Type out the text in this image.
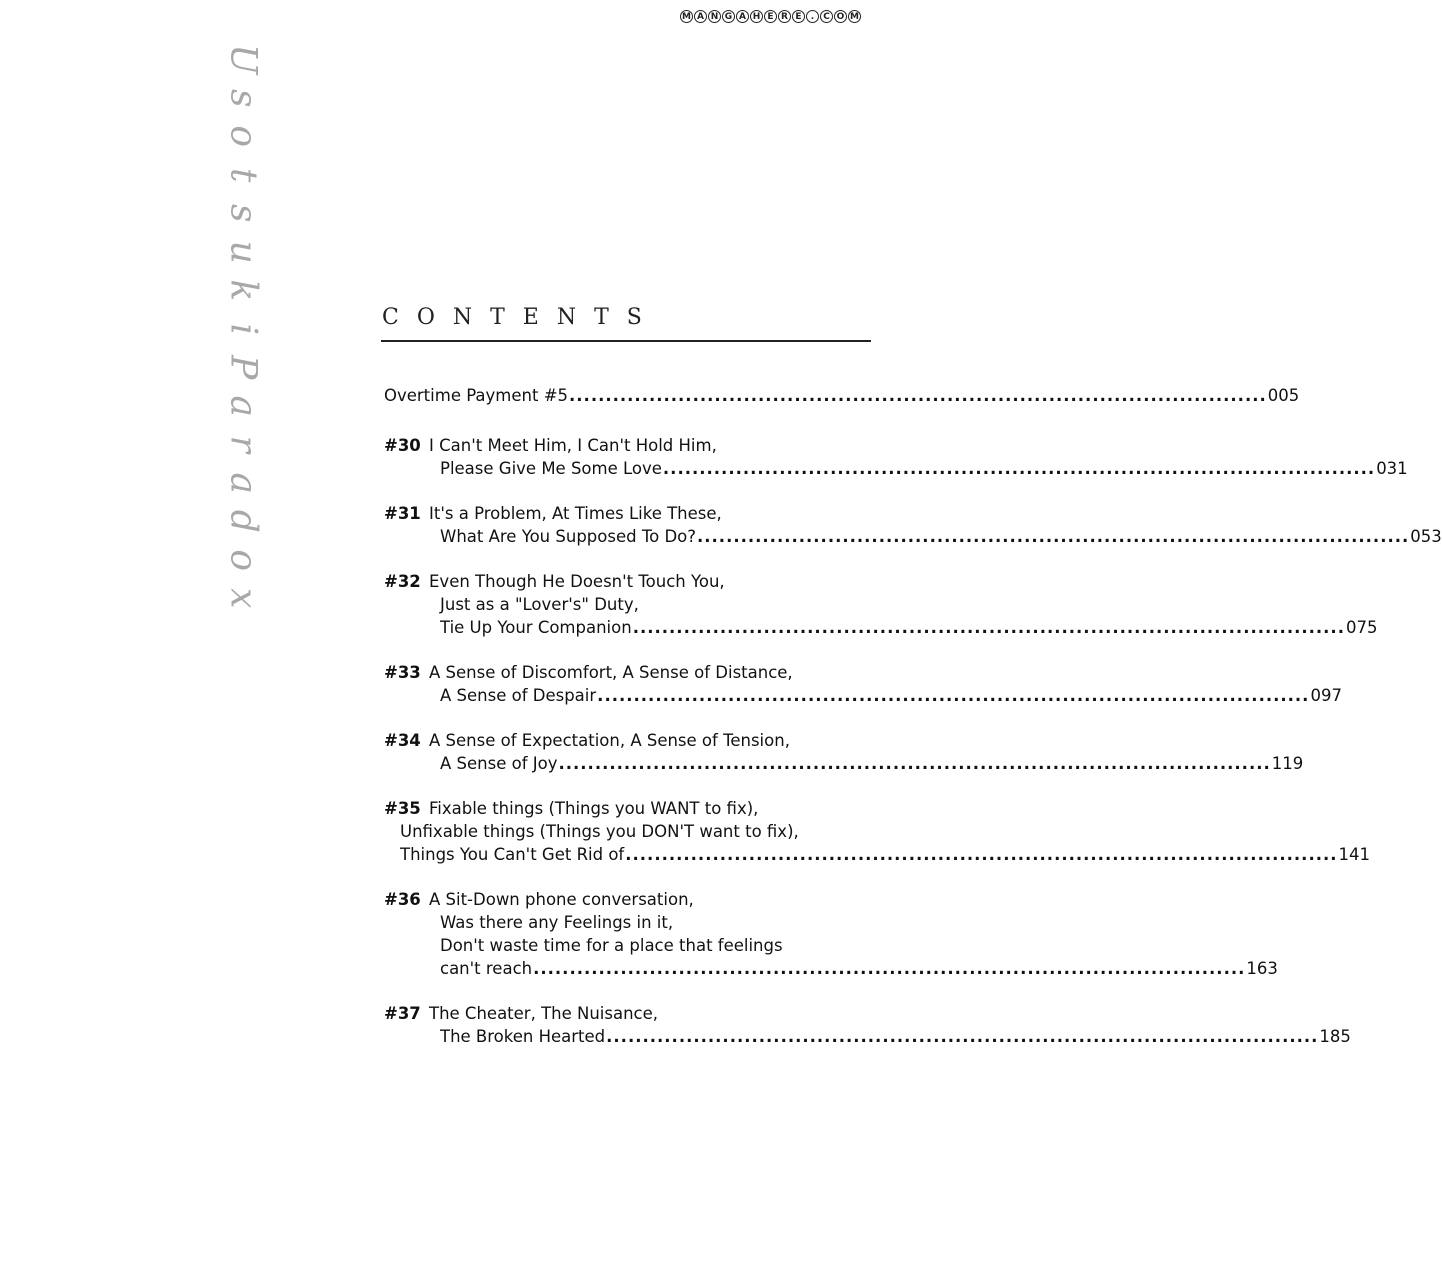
U
s
o
t
s
u
k
i
P
a
r
a
d
o
x
M A N G A H E R E	. C O M
CONTENTS
Overtime Payment #5 ................................................................................................ 005
#30 I Can't Meet Him, I Can't Hold Him,
Please Give Me Some Love .................................................................................................. 031
#31 It's a Problem, At Times Like These,
What Are You Supposed To Do? .................................................................................................. 053
#32 Even Though He Doesn't Touch You,
Just as a "Lover's" Duty,
Tie Up Your Companion .................................................................................................. 075
#33 A Sense of Discomfort, A Sense of Distance,
A Sense of Despair .................................................................................................. 097
#34 A Sense of Expectation, A Sense of Tension,
A Sense of Joy .................................................................................................. 119
#35 Fixable things (Things you WANT to fix),
Unfixable things (Things you DON'T want to fix),
Things You Can't Get Rid of .................................................................................................. 141
#36 A Sit-Down phone conversation,
Was there any Feelings in it,
Don't waste time for a place that feelings
can't reach .................................................................................................. 163
#37 The Cheater, The Nuisance,
The Broken Hearted .................................................................................................. 185
